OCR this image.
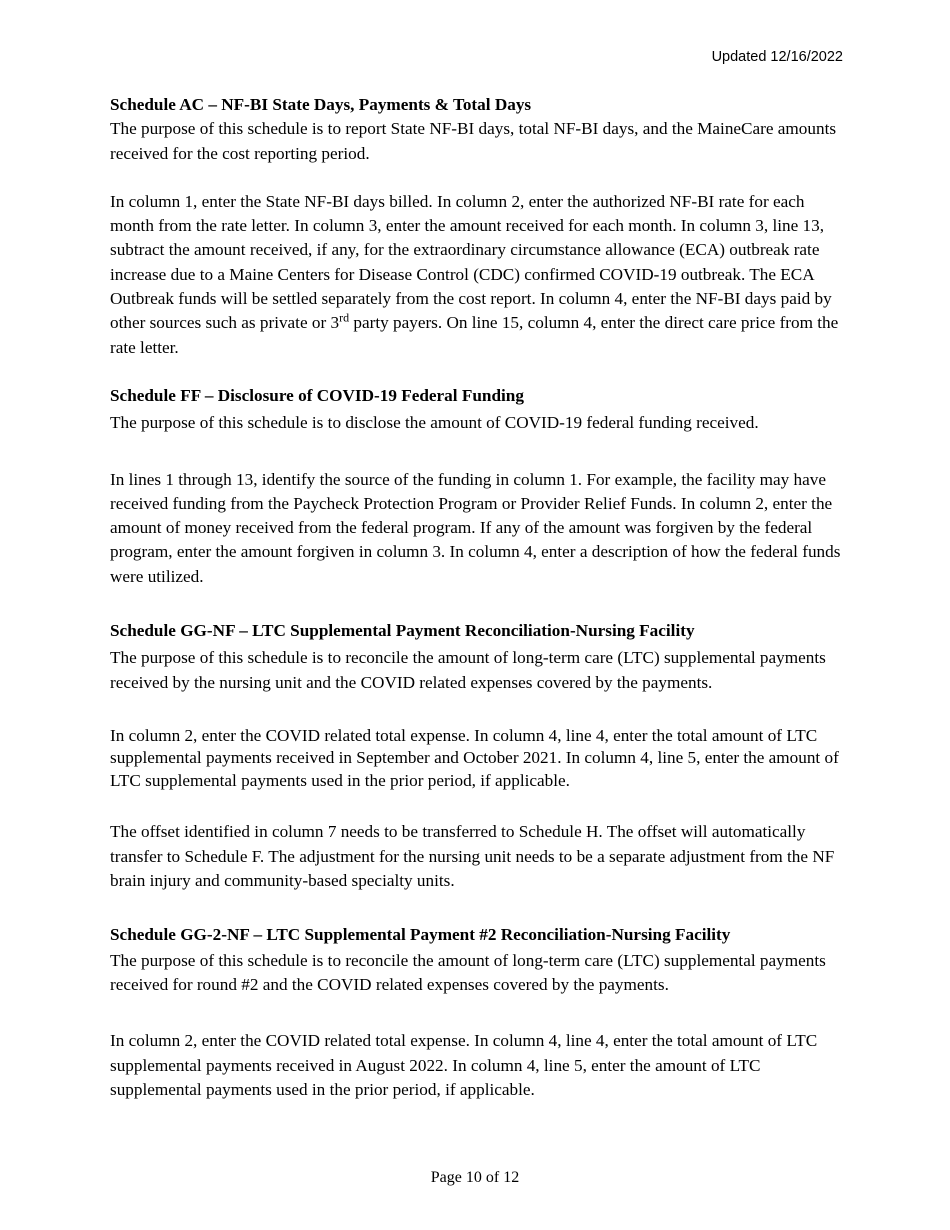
Updated 12/16/2022

Schedule AC – NF-BI State Days, Payments & Total Days

The purpose of this schedule is to report State NF-BI days, total NF-BI days, and the MaineCare amounts received for the cost reporting period.

In column 1, enter the State NF-BI days billed. In column 2, enter the authorized NF-BI rate for each month from the rate letter. In column 3, enter the amount received for each month. In column 3, line 13, subtract the amount received, if any, for the extraordinary circumstance allowance (ECA) outbreak rate increase due to a Maine Centers for Disease Control (CDC) confirmed COVID-19 outbreak. The ECA Outbreak funds will be settled separately from the cost report. In column 4, enter the NF-BI days paid by other sources such as private or 3rd party payers. On line 15, column 4, enter the direct care price from the rate letter.

Schedule FF – Disclosure of COVID-19 Federal Funding

The purpose of this schedule is to disclose the amount of COVID-19 federal funding received.

In lines 1 through 13, identify the source of the funding in column 1. For example, the facility may have received funding from the Paycheck Protection Program or Provider Relief Funds. In column 2, enter the amount of money received from the federal program. If any of the amount was forgiven by the federal program, enter the amount forgiven in column 3. In column 4, enter a description of how the federal funds were utilized.

Schedule GG-NF – LTC Supplemental Payment Reconciliation-Nursing Facility

The purpose of this schedule is to reconcile the amount of long-term care (LTC) supplemental payments received by the nursing unit and the COVID related expenses covered by the payments.

In column 2, enter the COVID related total expense. In column 4, line 4, enter the total amount of LTC supplemental payments received in September and October 2021. In column 4, line 5, enter the amount of LTC supplemental payments used in the prior period, if applicable.

The offset identified in column 7 needs to be transferred to Schedule H. The offset will automatically transfer to Schedule F. The adjustment for the nursing unit needs to be a separate adjustment from the NF brain injury and community-based specialty units.

Schedule GG-2-NF – LTC Supplemental Payment #2 Reconciliation-Nursing Facility

The purpose of this schedule is to reconcile the amount of long-term care (LTC) supplemental payments received for round #2 and the COVID related expenses covered by the payments.

In column 2, enter the COVID related total expense. In column 4, line 4, enter the total amount of LTC supplemental payments received in August 2022. In column 4, line 5, enter the amount of LTC supplemental payments used in the prior period, if applicable.

Page 10 of 12
